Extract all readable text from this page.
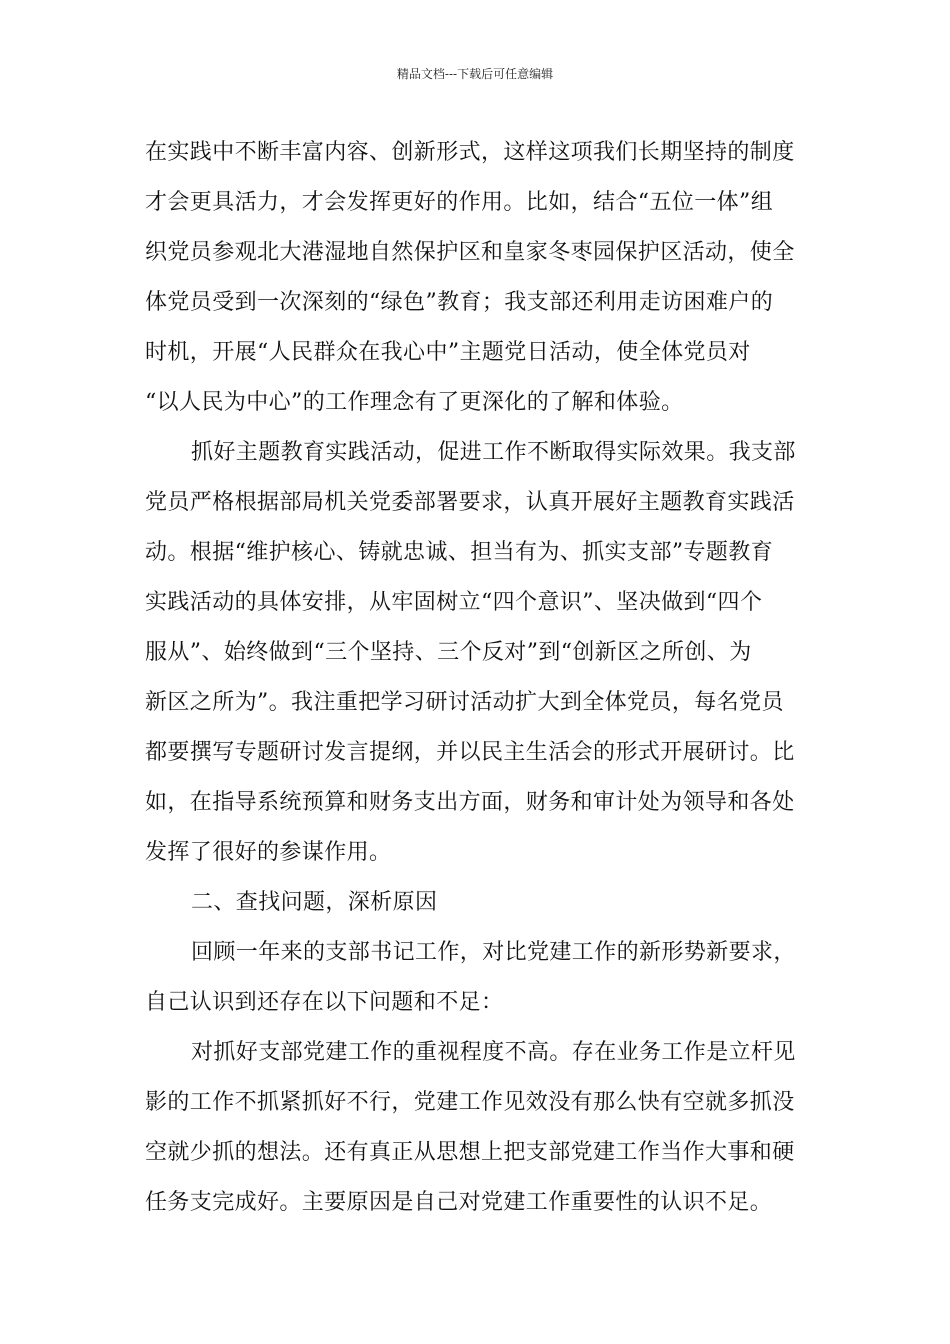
精品文档---下载后可任意编辑
在实践中不断丰富内容、创新形式，这样这项我们长期坚持的制度
才会更具活力，才会发挥更好的作用。比如，结合“五位一体”组
织党员参观北大港湿地自然保护区和皇家冬枣园保护区活动，使全
体党员受到一次深刻的“绿色”教育；我支部还利用走访困难户的
时机，开展“人民群众在我心中”主题党日活动，使全体党员对
“以人民为中心”的工作理念有了更深化的了解和体验。
抓好主题教育实践活动，促进工作不断取得实际效果。我支部
党员严格根据部局机关党委部署要求，认真开展好主题教育实践活
动。根据“维护核心、铸就忠诚、担当有为、抓实支部”专题教育
实践活动的具体安排，从牢固树立“四个意识”、坚决做到“四个
服从”、始终做到“三个坚持、三个反对”到“创新区之所创、为
新区之所为”。我注重把学习研讨活动扩大到全体党员，每名党员
都要撰写专题研讨发言提纲，并以民主生活会的形式开展研讨。比
如，在指导系统预算和财务支出方面，财务和审计处为领导和各处
发挥了很好的参谋作用。
二、查找问题，深析原因
回顾一年来的支部书记工作，对比党建工作的新形势新要求，
自己认识到还存在以下问题和不足：
对抓好支部党建工作的重视程度不高。存在业务工作是立杆见
影的工作不抓紧抓好不行，党建工作见效没有那么快有空就多抓没
空就少抓的想法。还有真正从思想上把支部党建工作当作大事和硬
任务支完成好。主要原因是自己对党建工作重要性的认识不足。
